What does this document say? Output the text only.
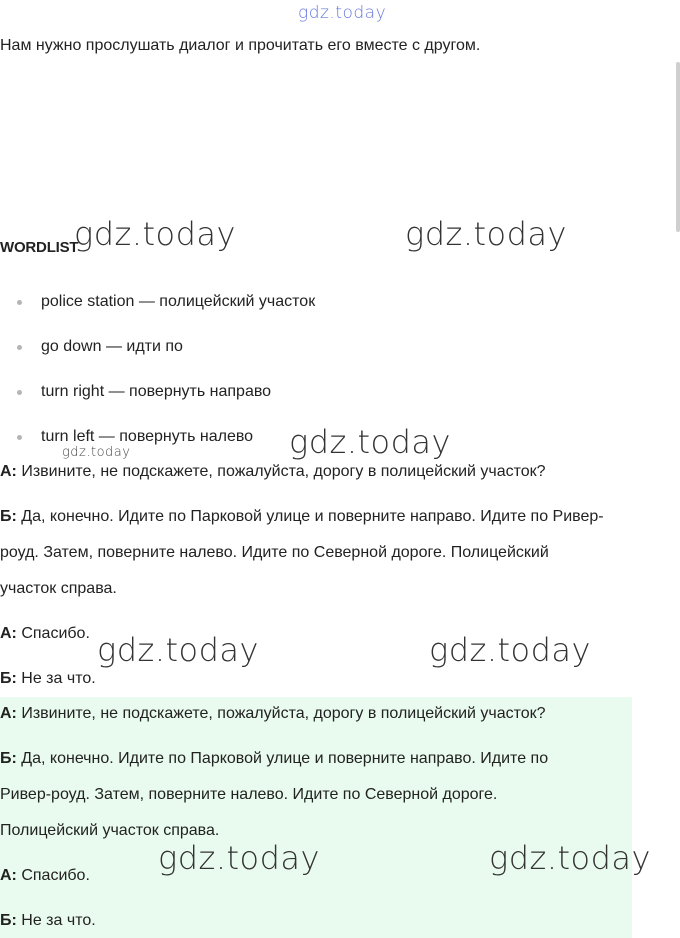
gdz.today
Нам нужно прослушать диалог и прочитать его вместе с другом.
WORDLIST
police station — полицейский участок
go down — идти по
turn right — повернуть направо
turn left — повернуть налево
А: Извините, не подскажете, пожалуйста, дорогу в полицейский участок?
Б: Да, конечно. Идите по Парковой улице и поверните направо. Идите по Ривер-
роуд. Затем, поверните налево. Идите по Северной дороге. Полицейский
участок справа.
А: Спасибо.
Б: Не за что.
А: Извините, не подскажете, пожалуйста, дорогу в полицейский участок?
Б: Да, конечно. Идите по Парковой улице и поверните направо. Идите по
Ривер-роуд. Затем, поверните налево. Идите по Северной дороге.
Полицейский участок справа.
А: Спасибо.
Б: Не за что.
gdz.today	gdz.today
gdz.today
gdz.today
gdz.today	gdz.today
gdz.today	gdz.today
